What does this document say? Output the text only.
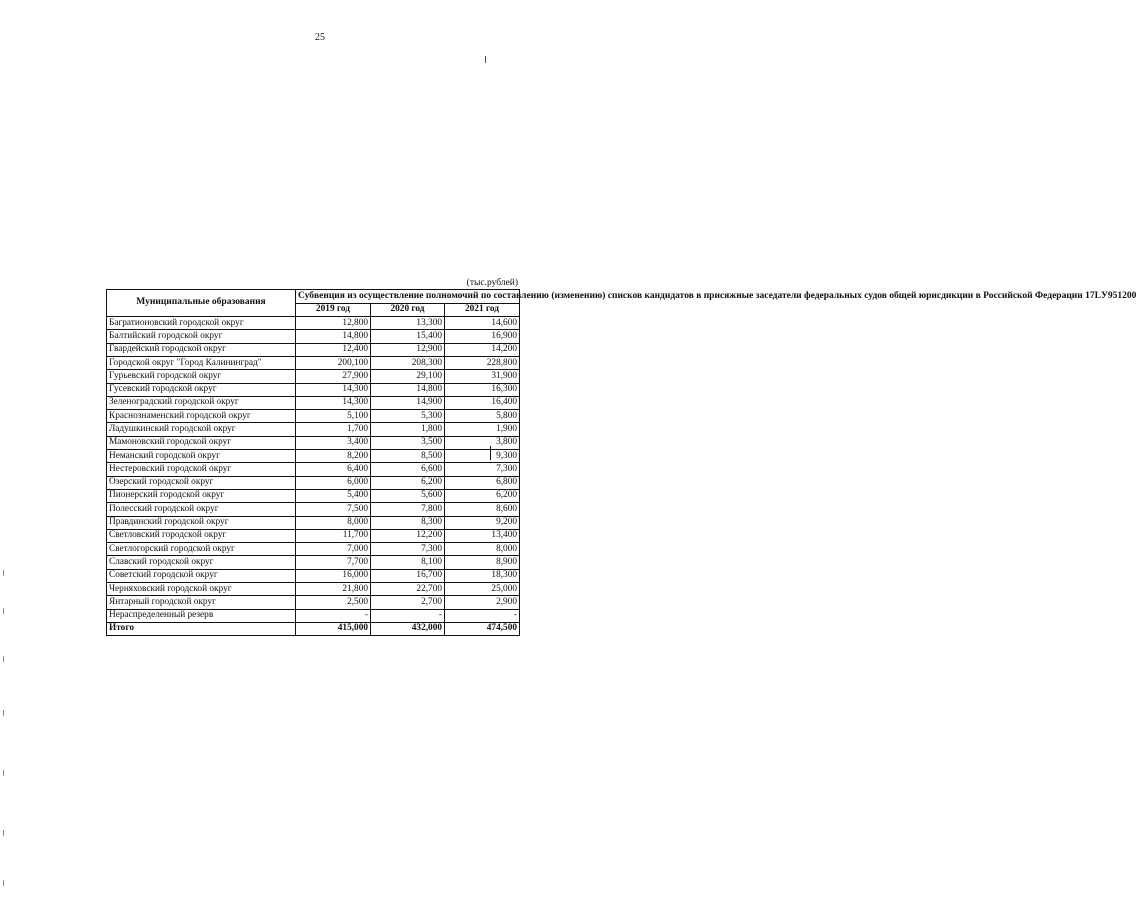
25
(тыс.рублей)
Муниципальные образования	Субвенция из осуществление полномочий по составлению (изменению) списков кандидатов в присяжные заседатели федеральных судов общей юрисдикции в Российской Федерации 17LУ951200		

	2019 год	2020 год	2021 год
Багратионовский городской округ	12,800	13,300	14,600
Балтийский городской округ	14,800	15,400	16,900
Гвардейский городской округ	12,400	12,900	14,200
Городской округ "Город Калининград"	200,100	208,300	228,800
Гурьевский городской округ	27,900	29,100	31,900
Гусевский городской округ	14,300	14,800	16,300
Зеленоградский городской округ	14,300	14,900	16,400
Краснознаменский городской округ	5,100	5,300	5,800
Ладушкинский городской округ	1,700	1,800	1,900
Мамоновский городской округ	3,400	3,500	3,800
Неманский городской округ	8,200	8,500	9,300
Нестеровский городской округ	6,400	6,600	7,300
Озерский городской округ	6,000	6,200	6,800
Пионерский городской округ	5,400	5,600	6,200
Полесский городской округ	7,500	7,800	8,600
Правдинский городской округ	8,000	8,300	9,200
Светловский городской округ	11,700	12,200	13,400
Светлогорский городской округ	7,000	7,300	8,000
Славский городской округ	7,700	8,100	8,900
Советский городской округ	16,000	16,700	18,300
Черняховский городской округ	21,800	22,700	25,000
Янтарный городской округ	2,500	2,700	2,900
Нераспределенный резерв	-	-	-
Итого	415,000	432,000	474,500
